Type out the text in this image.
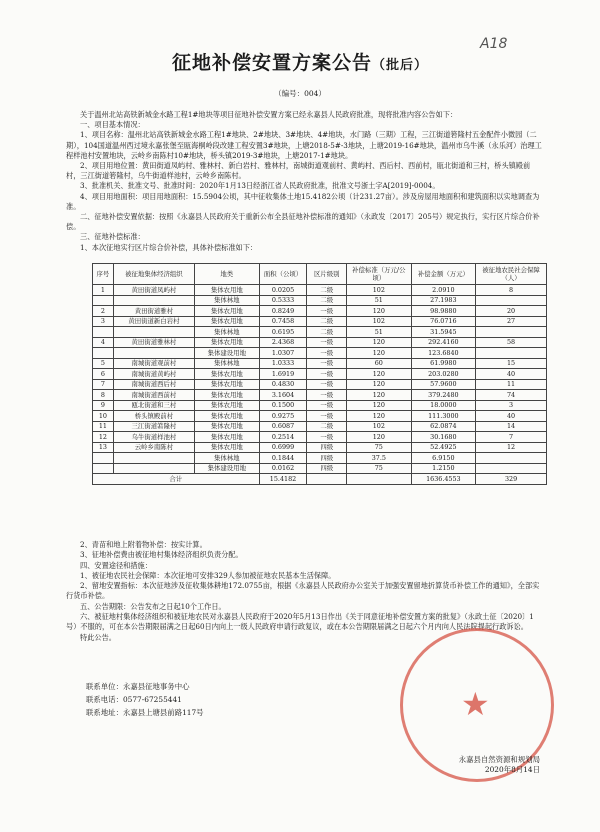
A18
征地补偿安置方案公告（批后）
（编号：004）

关于温州北站高铁新城金水路工程1#地块等项目征地补偿安置方案已经永嘉县人民政府批准，现将批准内容公告如下：

一、项目基本情况：

1、项目名称：温州北站高铁新城金水路工程1#地块、2#地块、3#地块、4#地块，水门路（三期）工程，三江街道箬隆村五金配件小微园（二期），104国道温州西过境永嘉张堡至瓯海桐岭段改建工程安置3#地块，上塘2018-5#-3地块，上塘2019-16#地块，温州市乌牛溪（永乐河）治理工程样池村安置地块，云岭乡南陈村10#地块，桥头镇2019-3#地块，上塘2017-1#地块。

2、项目用地位置：黄田街道凤屿村、雅林村、新白岩村、雅林村，南城街道观前村、黄屿村、西后村、西前村，瓯北街道和三村，桥头镇殿前村，三江街道箬隆村，乌牛街道样池村，云岭乡南陈村。

3、批准机关、批准文号、批准时间：2020年1月13日经浙江省人民政府批准，批准文号浙土字A[2019]-0004。

4、项目用地面积：项目用地面积：15.5904公顷，其中征收集体土地15.4182公顷（计231.27亩）。涉及房屋用地面积和建筑面积以实地调查为准。

二、征地补偿安置依据：按照《永嘉县人民政府关于重新公布全县征地补偿标准的通知》（永政发〔2017〕205号）规定执行，实行区片综合价补偿。

三、征地补偿标准：

1、本次征地实行区片综合价补偿，具体补偿标准如下：

序号	被征地集体经济组织	地类	面积（公顷）	区片级别	补偿标准（万元/公顷）	补偿金额（万元）	被征地农民社会保障（人）
1	黄田街道凤屿村	集体农用地	0.0205	二级	102	2.0910	8
		集体林地	0.5333	二级	51	27.1983	
2	黄田街道雅村	集体农用地	0.8249	一级	120	98.9880	20
3	黄田街道新白岩村	集体农用地	0.7458	二级	102	76.0716	27
		集体林地	0.6195	二级	51	31.5945	
4	黄田街道雅林村	集体农用地	2.4368	一级	120	292.4160	58
		集体建设用地	1.0307	一级	120	123.6840	
5	南城街道观前村	集体林地	1.0333	一级	60	61.9980	15
6	南城街道黄屿村	集体农用地	1.6919	一级	120	203.0280	40
7	南城街道西后村	集体农用地	0.4830	一级	120	57.9600	11
8	南城街道西前村	集体农用地	3.1604	一级	120	379.2480	74
9	瓯北街道和三村	集体农用地	0.1500	一级	120	18.0000	3
10	桥头镇殿前村	集体农用地	0.9275	一级	120	111.3000	40
11	三江街道箬隆村	集体农用地	0.6087	二级	102	62.0874	14
12	乌牛街道样池村	集体农用地	0.2514	一级	120	30.1680	7
13	云岭乡南陈村	集体农用地	0.6999	四级	75	52.4925	12
		集体林地	0.1844	四级	37.5	6.9150	
		集体建设用地	0.0162	四级	75	1.2150	
合计			15.4182			1636.4553	329

2、青苗和地上附着物补偿：按实计算。

3、征地补偿费由被征地村集体经济组织负责分配。

四、安置途径和措施：

1、被征地农民社会保障：本次征地可安排329人参加被征地农民基本生活保障。

2、留地安置指标：本次征地涉及征收集体耕地172.0755亩，根据《永嘉县人民政府办公室关于加强安置留地折算货币补偿工作的通知》，全部实行货币补偿。

五、公告期限：公告发布之日起10个工作日。

六、被征地村集体经济组织和被征地农民对永嘉县人民政府于2020年5月13日作出《关于同意征地补偿安置方案的批复》（永政土征〔2020〕1号）不服的，可在本公告期限届满之日起60日内向上一级人民政府申请行政复议，或在本公告期限届满之日起六个月内向人民法院提起行政诉讼。

特此公告。

联系单位：永嘉县征地事务中心

联系电话：0577-67255441

联系地址：永嘉县上塘县前路117号	★
永嘉县自然资源和规划局
2020年8月14日
